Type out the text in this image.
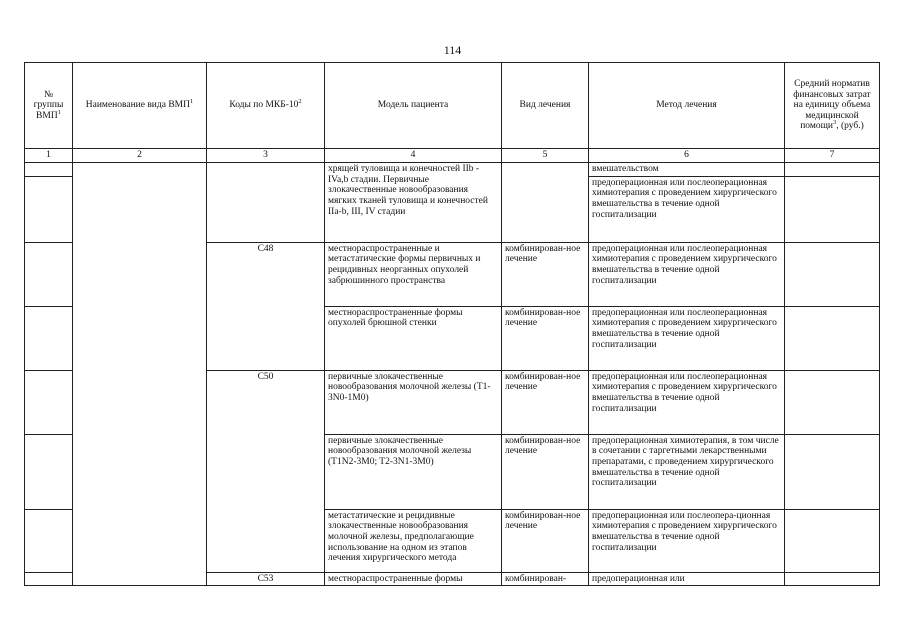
114
№ группы ВМП$^1$	Наименование вида ВМП$^1$	Коды по МКБ-$10^2$	Модель пациента	Вид лечения	Метод лечения	Средний норматив финансовых затрат на единицу объема медицинской помощи$^3$, (руб.)
1	2	3	4	5	6	7
			хрящей туловища и конечностей IIb - IVa,b стадии. Первичные злокачественные новообразования мягких тканей туловища и конечностей IIa-b, III, IV стадии		вмешательством	
					предоперационная или послеоперационная химиотерапия с проведением хирургического вмешательства в течение одной госпитализации	
		C48	местнораспространенные и метастатические формы первичных и рецидивных неорганных опухолей забрюшинного пространства	комбинирован-ное лечение	предоперационная или послеоперационная химиотерапия с проведением хирургического вмешательства в течение одной госпитализации	
			местнораспространенные формы опухолей брюшной стенки	комбинирован-ное лечение	предоперационная или послеоперационная химиотерапия с проведением хирургического вмешательства в течение одной госпитализации	
		C50	первичные злокачественные новообразования молочной железы (T1-3N0-1M0)	комбинирован-ное лечение	предоперационная или послеоперационная химиотерапия с проведением хирургического вмешательства в течение одной госпитализации	
			первичные злокачественные новообразования молочной железы (T1N2-3M0; T2-3N1-3M0)	комбинирован-ное лечение	предоперационная химиотерапия, в том числе в сочетании с таргетными лекарственными препаратами, с проведением хирургического вмешательства в течение одной госпитализации	
			метастатические и рецидивные злокачественные новообразования молочной железы, предполагающие использование на одном из этапов лечения хирургического метода	комбинирован-ное лечение	предоперационная или послеопера-ционная химиотерапия с проведением хирургического вмешательства в течение одной госпитализации	
		C53	местнораспространенные формы	комбинирован-	предоперационная или	
